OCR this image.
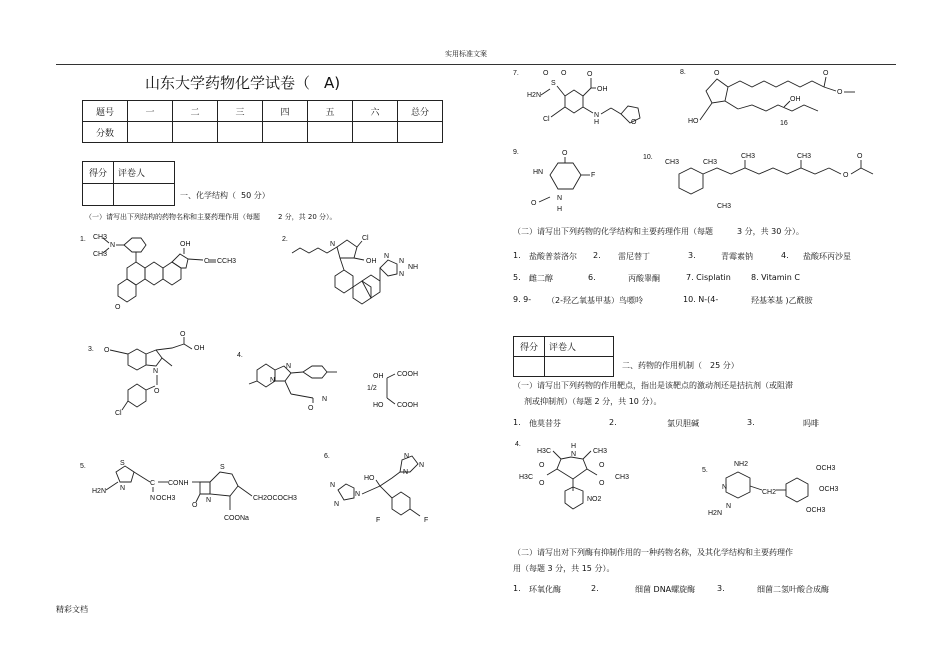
实用标准文案
山东大学药物化学试卷（ A)
题号	一	二	三	四	五	六	总分
分数							
得分	评卷人

一、化学结构（ 50 分）
（一）请写出下列结构的药物名称和主要药理作用（每题	2 分，共 20 分）。
1. CH3
N
CH3
O
OH
C CCH3
2.
N
Cl
OH
N
N
N
NH
3. O
N
OH
O
O
Cl
4.
N
N
O
N
1/2
COOH
HO
OH
COOH
5.	S
N
H2N
C CONH
N OCH3
S
N
O
CH2OCOCH3
COONa
6.
HO
N
N
N
N
N
N
F	F
7.	O O
S
H2N
O
OH
Cl
N
H	O
8.	O	O
O
OH
16
HO
9.	O
HN	F
O
N
H
10.
CH3	CH3
CH3
CH3	CH3
O
O
（二）请写出下列药物的化学结构和主要药理作用（每题	3 分，共 30 分）。
1. 盐酸普萘洛尔 2. 雷尼替丁	3.	青霉素钠	4. 盐酸环丙沙星
5. 雌二醇	6.	丙酸睾酮	7. Cisplatin	8. Vitamin C
9. 9- （2-羟乙氧基甲基）鸟嘌呤	10. N-(4-	羟基苯基 )乙酰胺
得分	评卷人

二、药物的作用机制（ 25 分）
（一）请写出下列药物的作用靶点，指出是该靶点的激动剂还是拮抗剂（或阻滞
剂或抑制剂）（每题 2 分，共 10 分）。
1. 他莫昔芬	2.	氯贝胆碱	3.	吗啡
4.
H3C
H
N CH3
O
O
H3C
O
O
CH3
NO2
5.
NH2
N
CH2
OCH3
OCH3
OCH3
H2N
N
（二）请写出对下列酶有抑制作用的一种药物名称，及其化学结构和主要药理作
用（每题 3 分，共 15 分）。
1. 环氧化酶	2.	细菌 DNA螺旋酶	3.	细菌二氢叶酸合成酶
精彩文档
